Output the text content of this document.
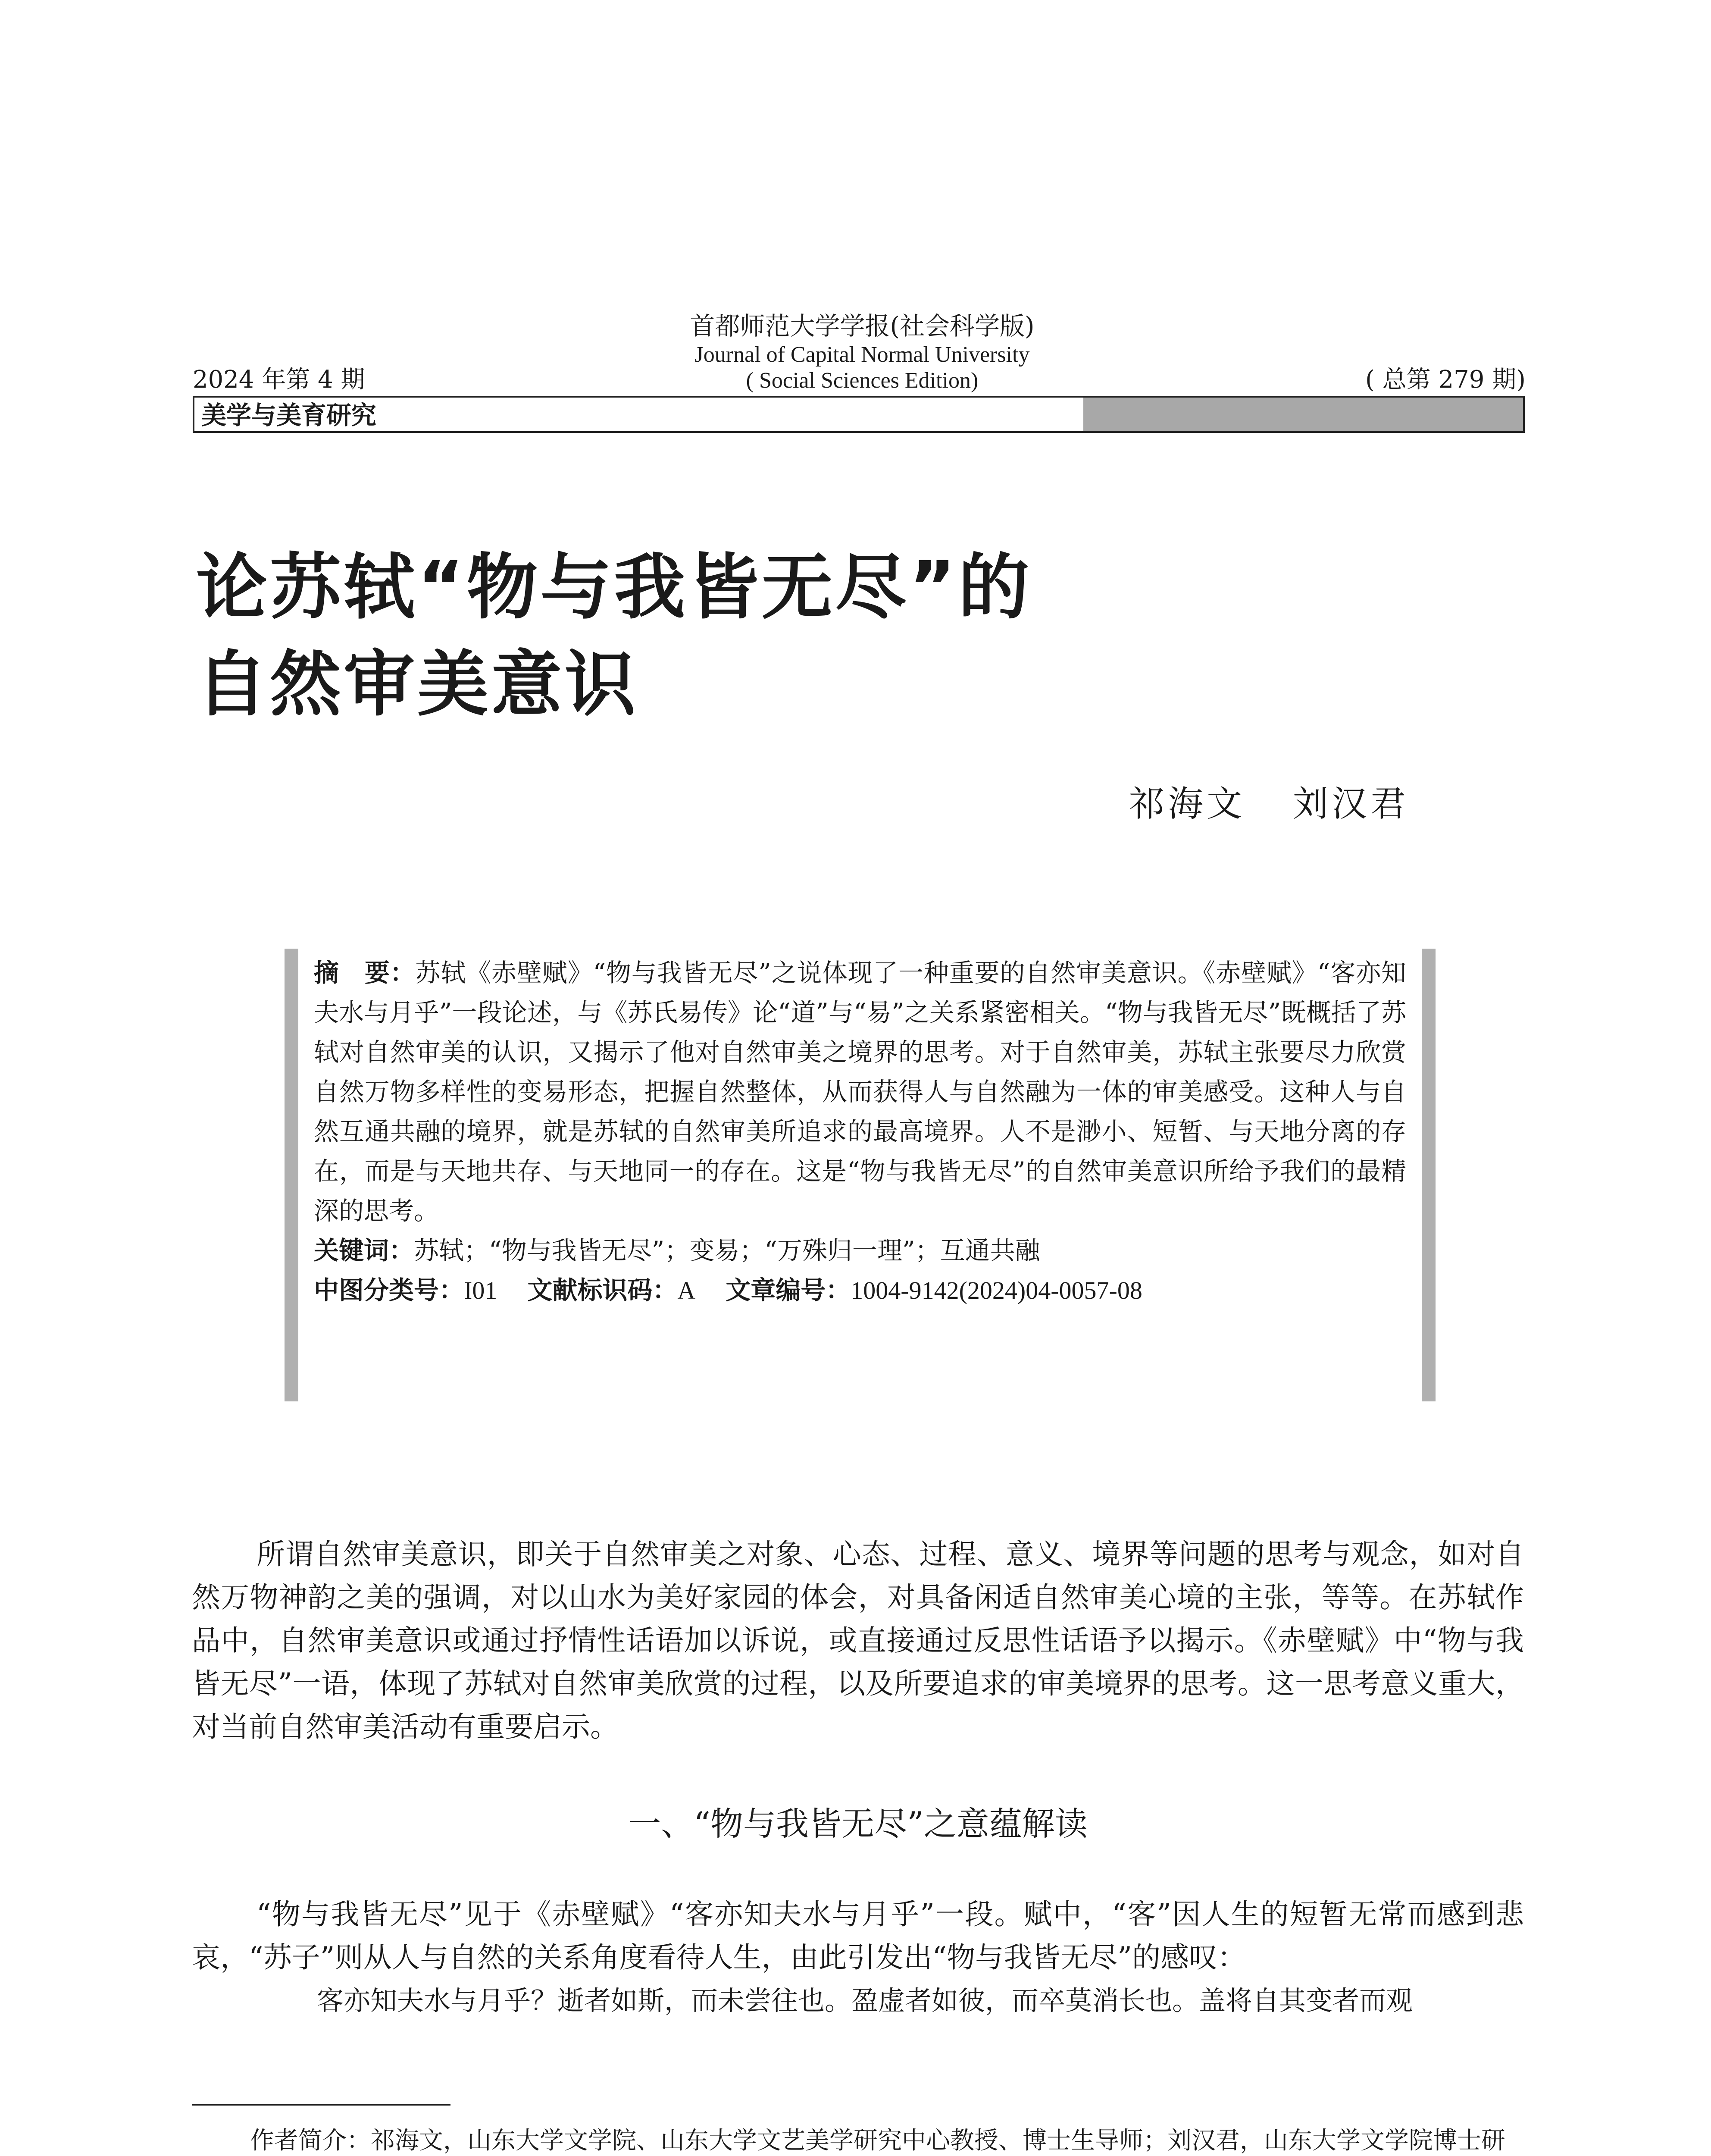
首都师范大学学报(社会科学版)
Journal of Capital Normal University
( Social Sciences Edition)
2024 年第 4 期	( 总第 279 期)
美学与美育研究
论苏轼“物与我皆无尽”的
自然审美意识
祁海文 刘汉君

摘　要：苏轼《赤壁赋》“物与我皆无尽”之说体现了一种重要的自然审美意识。《赤壁赋》“客亦知夫水与月乎”一段论述，与《苏氏易传》论“道”与“易”之关系紧密相关。“物与我皆无尽”既概括了苏轼对自然审美的认识，又揭示了他对自然审美之境界的思考。对于自然审美，苏轼主张要尽力欣赏自然万物多样性的变易形态，把握自然整体，从而获得人与自然融为一体的审美感受。这种人与自然互通共融的境界，就是苏轼的自然审美所追求的最高境界。人不是渺小、短暂、与天地分离的存在，而是与天地共存、与天地同一的存在。这是“物与我皆无尽”的自然审美意识所给予我们的最精深的思考。

关键词：苏轼；“物与我皆无尽”；变易；“万殊归一理”；互通共融

中图分类号：I01 文献标识码：A 文章编号：1004-9142(2024)04-0057-08

所谓自然审美意识，即关于自然审美之对象、心态、过程、意义、境界等问题的思考与观念，如对自然万物神韵之美的强调，对以山水为美好家园的体会，对具备闲适自然审美心境的主张，等等。在苏轼作品中，自然审美意识或通过抒情性话语加以诉说，或直接通过反思性话语予以揭示。《赤壁赋》中“物与我皆无尽”一语，体现了苏轼对自然审美欣赏的过程，以及所要追求的审美境界的思考。这一思考意义重大，对当前自然审美活动有重要启示。
一、“物与我皆无尽”之意蕴解读
“物与我皆无尽”见于《赤壁赋》“客亦知夫水与月乎”一段。赋中，“客”因人生的短暂无常而感到悲哀，“苏子”则从人与自然的关系角度看待人生，由此引发出“物与我皆无尽”的感叹：
客亦知夫水与月乎？逝者如斯，而未尝往也。盈虚者如彼，而卒莫消长也。盖将自其变者而观
作者简介：祁海文，山东大学文学院、山东大学文艺美学研究中心教授、博士生导师；刘汉君，山东大学文学院博士研
